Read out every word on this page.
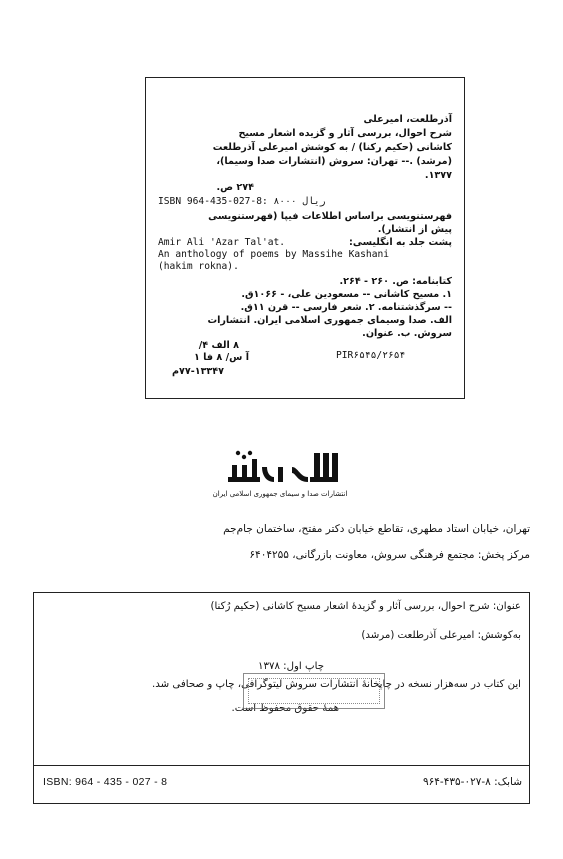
آذرطلعت، امیرعلی
شرح احوال، بررسی آثار و گزیده اشعار مسیح
کاشانی (حکیم رکنا) / به کوشش امیرعلی آذرطلعت
(مرشد) .-- تهران: سروش (انتشارات صدا وسیما)،
۱۳۷۷.
۲۷۴ ص.
ISBN 964-435-027-8: ۸۰۰۰ ریال
فهرستنویسی براساس اطلاعات فیپا (فهرستنویسی
پیش از انتشار).
پشت جلد به انگلیسی:
Amir Ali 'Azar Tal'at.
An anthology of poems by Massihe Kashani
(hakim rokna).
کتابنامه: ص. ۲۶۰ - ۲۶۴.
۱. مسیح کاشانی -- مسعودین علی، - ۱۰۶۶ق.
-- سرگذشتنامه. ۲. شعر فارسی -- قرن ۱۱ق.
الف. صدا وسیمای جمهوری اسلامی ایران. انتشارات
سروش. ب. عنوان.
PIR۶۵۴۵/۲۶۵۴
۸ الف ۴/
آ س/ ۸ فا ۱
۷۷-۱۳۳۴۷م
انتشارات صدا و سیمای جمهوری اسلامی ایران
تهران، خیابان استاد مطهری، تقاطع خیابان دکتر مفتح، ساختمان جام‌جم
مرکز پخش: مجتمع فرهنگی سروش، معاونت بازرگانی، ۶۴۰۴۲۵۵
عنوان: شرح احوال، بررسی آثار و گزیدهٔ اشعار مسیح کاشانی (حکیم رُکنا)
به‌کوشش: امیرعلی آذرطلعت (مرشد)
چاپ اول: ۱۳۷۸
این کتاب در سه‌هزار نسخه در چاپخانهٔ انتشارات سروش لیتوگرافی، چاپ و صحافی شد.
همهٔ حقوق محفوظ است.
ISBN: 964 - 435 - 027 - 8	شابک: ۸-۰۲۷-۴۳۵-۹۶۴
